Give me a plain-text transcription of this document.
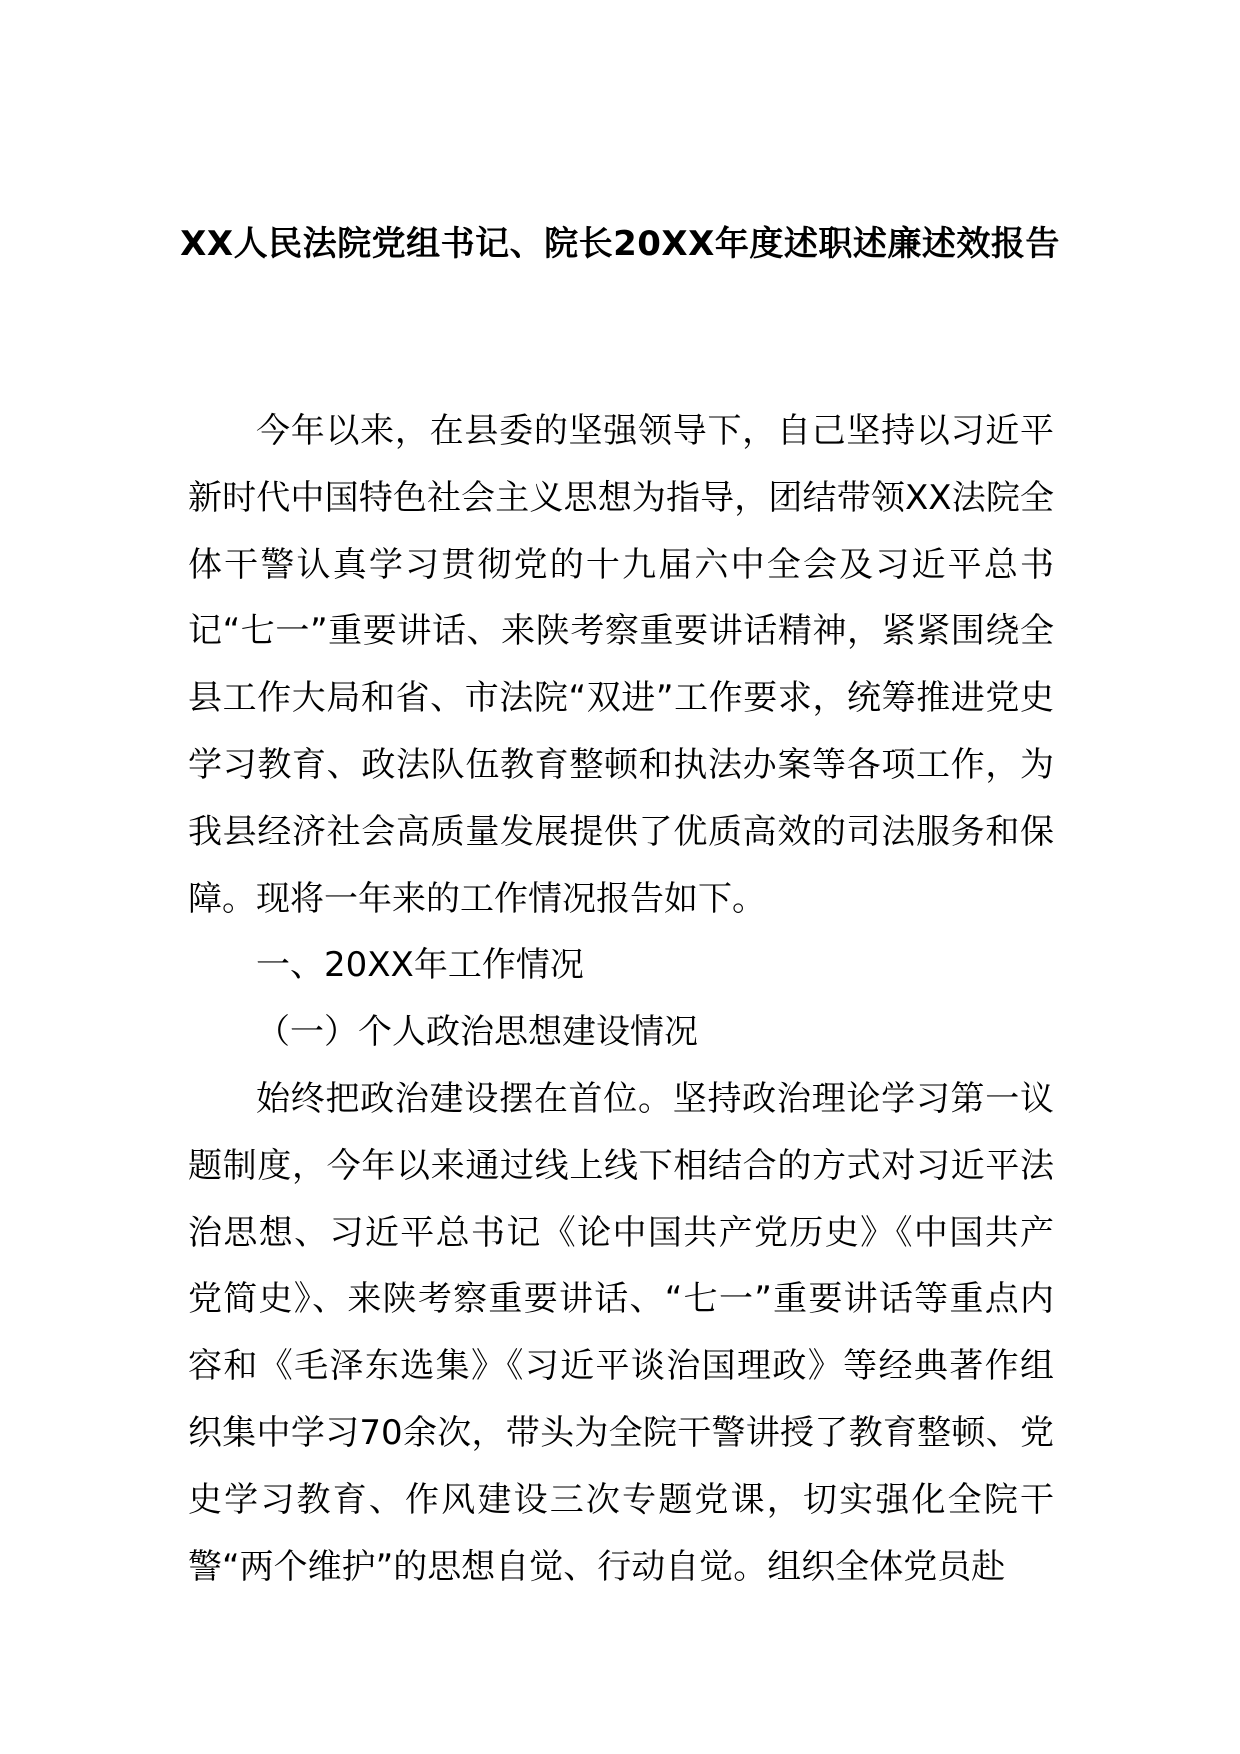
XX人民法院党组书记、院长20XX年度述职述廉述效报告

今年以来，在县委的坚强领导下，自己坚持以习近平新时代中国特色社会主义思想为指导，团结带领XX法院全体干警认真学习贯彻党的十九届六中全会及习近平总书记“七一”重要讲话、来陕考察重要讲话精神，紧紧围绕全县工作大局和省、市法院“双进”工作要求，统筹推进党史学习教育、政法队伍教育整顿和执法办案等各项工作，为我县经济社会高质量发展提供了优质高效的司法服务和保障。现将一年来的工作情况报告如下。

一、20XX年工作情况

（一）个人政治思想建设情况

始终把政治建设摆在首位。坚持政治理论学习第一议题制度，今年以来通过线上线下相结合的方式对习近平法治思想、习近平总书记《论中国共产党历史》《中国共产党简史》、来陕考察重要讲话、“七一”重要讲话等重点内容和《毛泽东选集》《习近平谈治国理政》等经典著作组织集中学习70余次，带头为全院干警讲授了教育整顿、党史学习教育、作风建设三次专题党课，切实强化全院干警“两个维护”的思想自觉、行动自觉。组织全体党员赴
